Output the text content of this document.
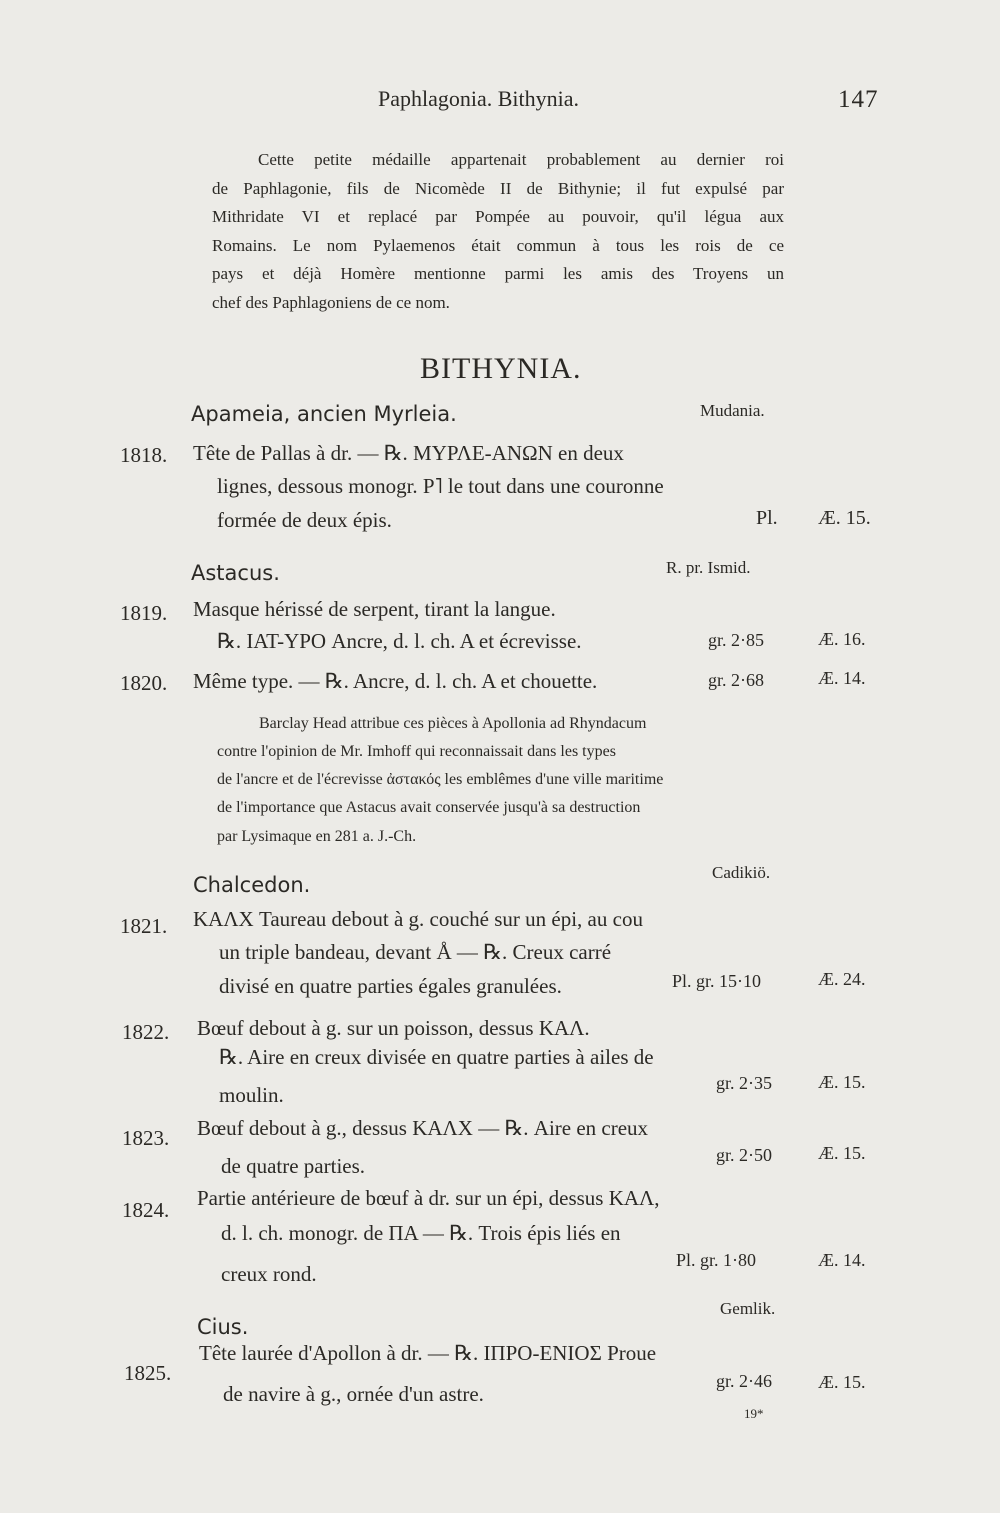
Paphlagonia. Bithynia.	147
Cette petite médaille appartenait probablement au dernier roi
de Paphlagonie, fils de Nicomède II de Bithynie; il fut expulsé par
Mithridate VI et replacé par Pompée au pouvoir, qu'il légua aux
Romains. Le nom Pylaemenos était commun à tous les rois de ce
pays et déjà Homère mentionne parmi les amis des Troyens un
chef des Paphlagoniens de ce nom.
BITHYNIA.
Apameia, ancien Myrleia.	Mudania.
1818. Tête de Pallas à dr. — ℞. ΜΥΡΛΕ-ΑΝΩΝ en deux
lignes, dessous monogr. Ρ˥ le tout dans une couronne
formée de deux épis.	Pl. Æ. 15.
Astacus.	R. pr. Ismid.
1819. Masque hérissé de serpent, tirant la langue.
℞. ΙΑΤ-ΥΡΟ Ancre, d. l. ch. A et écrevisse.	gr. 2·85	Æ. 16.
1820. Même type. — ℞. Ancre, d. l. ch. A et chouette.	gr. 2·68	Æ. 14.
Barclay Head attribue ces pièces à Apollonia ad Rhyndacum
contre l'opinion de Mr. Imhoff qui reconnaissait dans les types
de l'ancre et de l'écrevisse ἀστακός les emblêmes d'une ville maritime
de l'importance que Astacus avait conservée jusqu'à sa destruction
par Lysimaque en 281 a. J.-Ch.
Chalcedon.
Cadikiö.
1821. ΚΑΛΧ Taureau debout à g. couché sur un épi, au cou
un triple bandeau, devant Å — ℞. Creux carré
divisé en quatre parties égales granulées.	Pl. gr. 15·10	Æ. 24.
1822. Bœuf debout à g. sur un poisson, dessus ΚΑΛ.
℞. Aire en creux divisée en quatre parties à ailes de
moulin.	gr. 2·35	Æ. 15.
1823. Bœuf debout à g., dessus ΚΑΛΧ — ℞. Aire en creux
de quatre parties.	gr. 2·50	Æ. 15.
1824. Partie antérieure de bœuf à dr. sur un épi, dessus ΚΑΛ,
d. l. ch. monogr. de ΠΑ — ℞. Trois épis liés en
creux rond.
Pl. gr. 1·80	Æ. 14.
Cius.
Gemlik.
1825.
Tête laurée d'Apollon à dr. — ℞. ΙΠΡΟ-ΕΝΙΟΣ Proue
de navire à g., ornée d'un astre.
gr. 2·46	Æ. 15.
19*
